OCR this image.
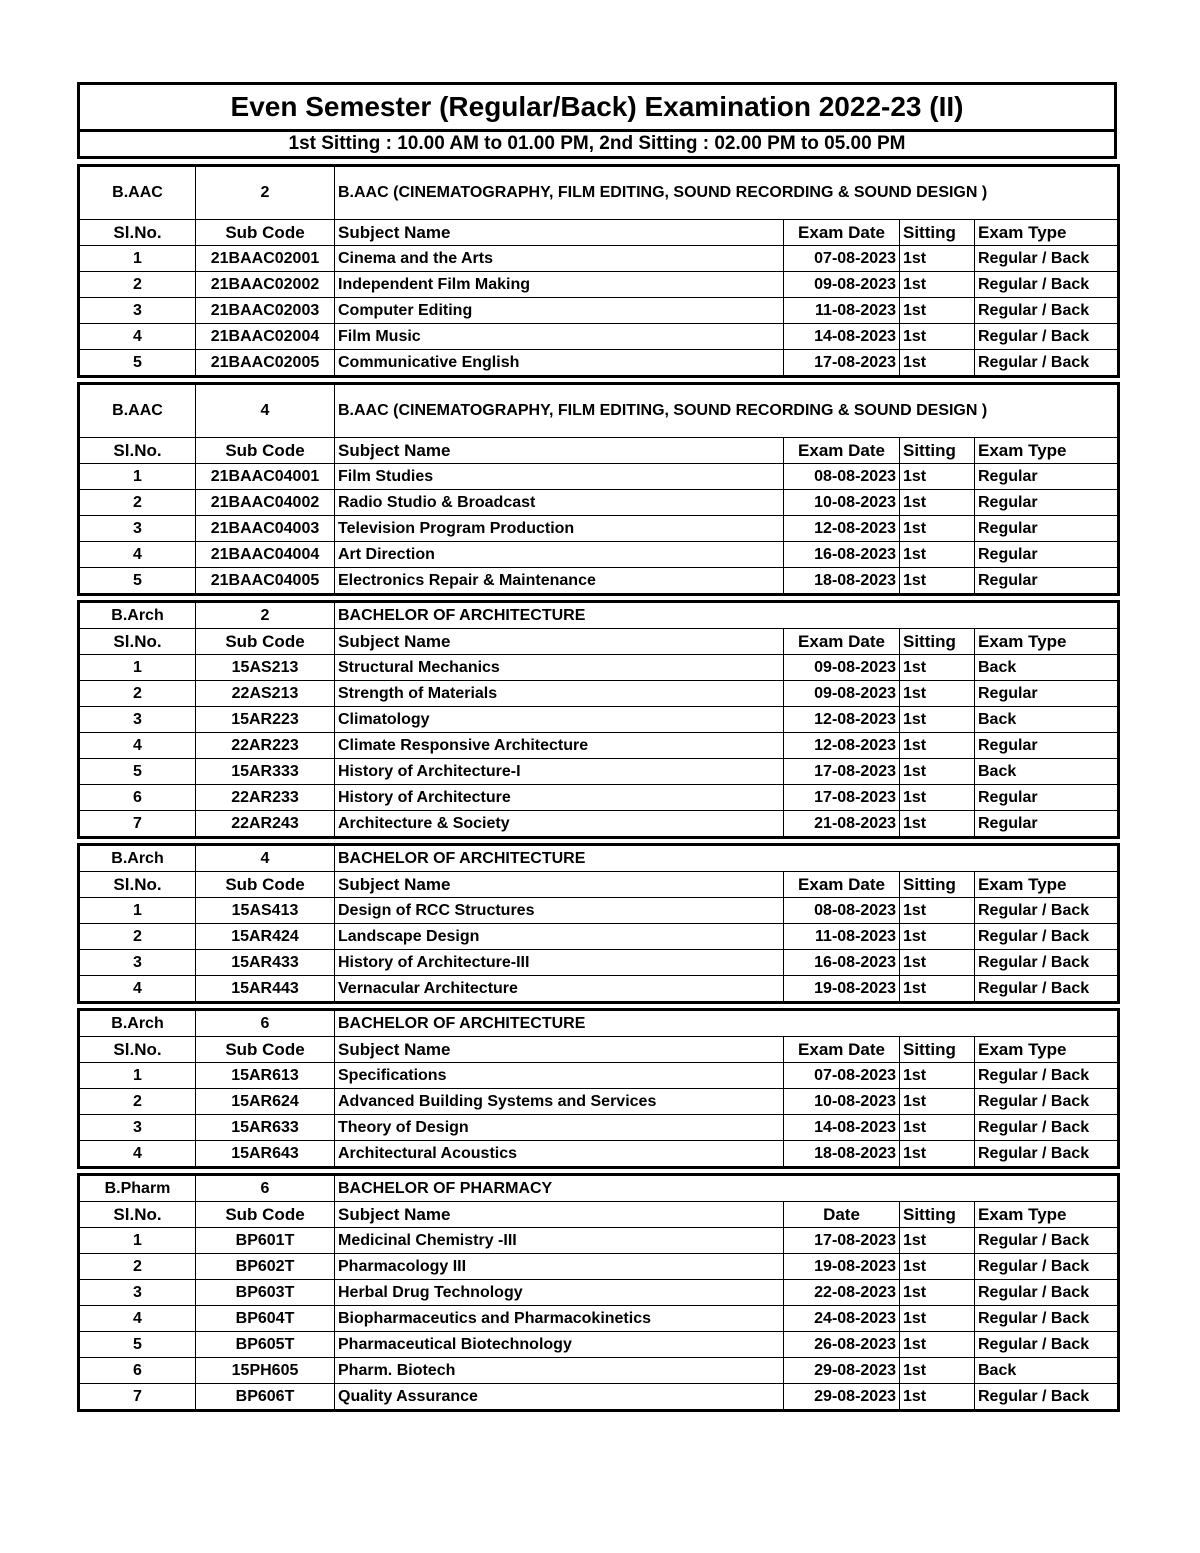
Even Semester (Regular/Back) Examination 2022-23 (II)
1st Sitting : 10.00 AM to 01.00 PM, 2nd Sitting : 02.00 PM to 05.00 PM
B.AAC	2	B.AAC (CINEMATOGRAPHY, FILM EDITING, SOUND RECORDING & SOUND DESIGN )			
Sl.No.	Sub Code	Subject Name	Exam Date	Sitting	Exam Type
1	21BAAC02001	Cinema and the Arts	07-08-2023	1st	Regular / Back
2	21BAAC02002	Independent Film Making	09-08-2023	1st	Regular / Back
3	21BAAC02003	Computer Editing	11-08-2023	1st	Regular / Back
4	21BAAC02004	Film Music	14-08-2023	1st	Regular / Back
5	21BAAC02005	Communicative English	17-08-2023	1st	Regular / Back
B.AAC	4	B.AAC (CINEMATOGRAPHY, FILM EDITING, SOUND RECORDING & SOUND DESIGN )			
Sl.No.	Sub Code	Subject Name	Exam Date	Sitting	Exam Type
1	21BAAC04001	Film Studies	08-08-2023	1st	Regular
2	21BAAC04002	Radio Studio & Broadcast	10-08-2023	1st	Regular
3	21BAAC04003	Television Program Production	12-08-2023	1st	Regular
4	21BAAC04004	Art Direction	16-08-2023	1st	Regular
5	21BAAC04005	Electronics Repair & Maintenance	18-08-2023	1st	Regular
B.Arch	2	BACHELOR OF ARCHITECTURE			
Sl.No.	Sub Code	Subject Name	Exam Date	Sitting	Exam Type
1	15AS213	Structural Mechanics	09-08-2023	1st	Back
2	22AS213	Strength of Materials	09-08-2023	1st	Regular
3	15AR223	Climatology	12-08-2023	1st	Back
4	22AR223	Climate Responsive Architecture	12-08-2023	1st	Regular
5	15AR333	History of Architecture-I	17-08-2023	1st	Back
6	22AR233	History of Architecture	17-08-2023	1st	Regular
7	22AR243	Architecture & Society	21-08-2023	1st	Regular
B.Arch	4	BACHELOR OF ARCHITECTURE			
Sl.No.	Sub Code	Subject Name	Exam Date	Sitting	Exam Type
1	15AS413	Design of RCC Structures	08-08-2023	1st	Regular / Back
2	15AR424	Landscape Design	11-08-2023	1st	Regular / Back
3	15AR433	History of Architecture-III	16-08-2023	1st	Regular / Back
4	15AR443	Vernacular Architecture	19-08-2023	1st	Regular / Back
B.Arch	6	BACHELOR OF ARCHITECTURE			
Sl.No.	Sub Code	Subject Name	Exam Date	Sitting	Exam Type
1	15AR613	Specifications	07-08-2023	1st	Regular / Back
2	15AR624	Advanced Building Systems and Services	10-08-2023	1st	Regular / Back
3	15AR633	Theory of Design	14-08-2023	1st	Regular / Back
4	15AR643	Architectural Acoustics	18-08-2023	1st	Regular / Back
B.Pharm	6	BACHELOR OF PHARMACY			
Sl.No.	Sub Code	Subject Name	Date	Sitting	Exam Type
1	BP601T	Medicinal Chemistry -III	17-08-2023	1st	Regular / Back
2	BP602T	Pharmacology III	19-08-2023	1st	Regular / Back
3	BP603T	Herbal Drug Technology	22-08-2023	1st	Regular / Back
4	BP604T	Biopharmaceutics and Pharmacokinetics	24-08-2023	1st	Regular / Back
5	BP605T	Pharmaceutical Biotechnology	26-08-2023	1st	Regular / Back
6	15PH605	Pharm. Biotech	29-08-2023	1st	Back
7	BP606T	Quality Assurance	29-08-2023	1st	Regular / Back
